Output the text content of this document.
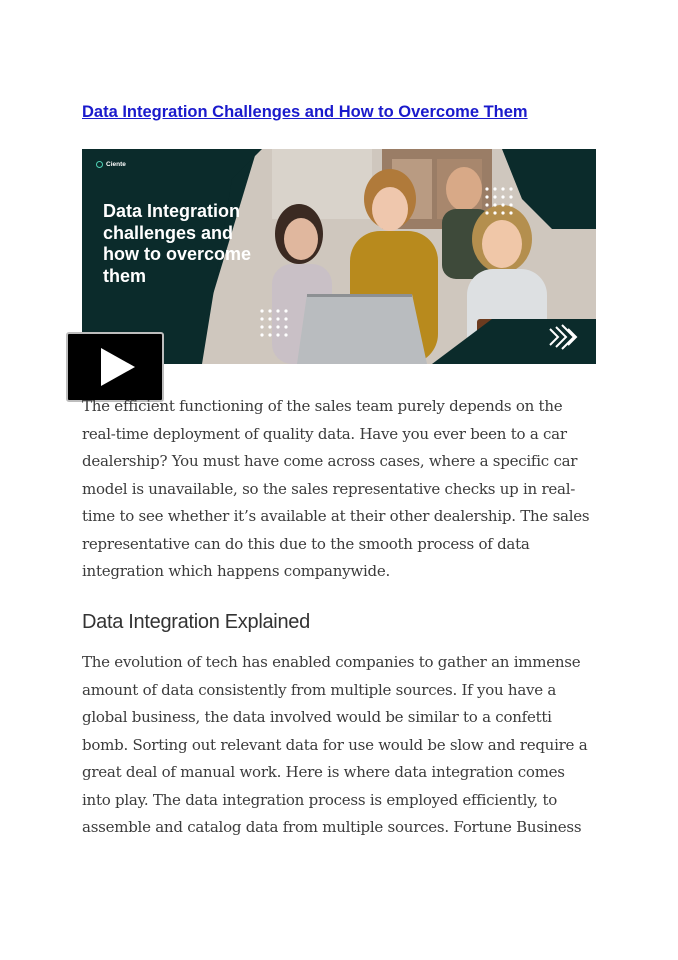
Data Integration Challenges and How to Overcome Them
Ciente
Data Integration challenges and how to overcome them

The efficient functioning of the sales team purely depends on the
real-time deployment of quality data. Have you ever been to a car
dealership? You must have come across cases, where a specific car
model is unavailable, so the sales representative checks up in real-
time to see whether it’s available at their other dealership. The sales
representative can do this due to the smooth process of data
integration which happens companywide.

Data Integration Explained

The evolution of tech has enabled companies to gather an immense
amount of data consistently from multiple sources. If you have a
global business, the data involved would be similar to a confetti
bomb. Sorting out relevant data for use would be slow and require a
great deal of manual work. Here is where data integration comes
into play. The data integration process is employed efficiently, to
assemble and catalog data from multiple sources. Fortune Business
